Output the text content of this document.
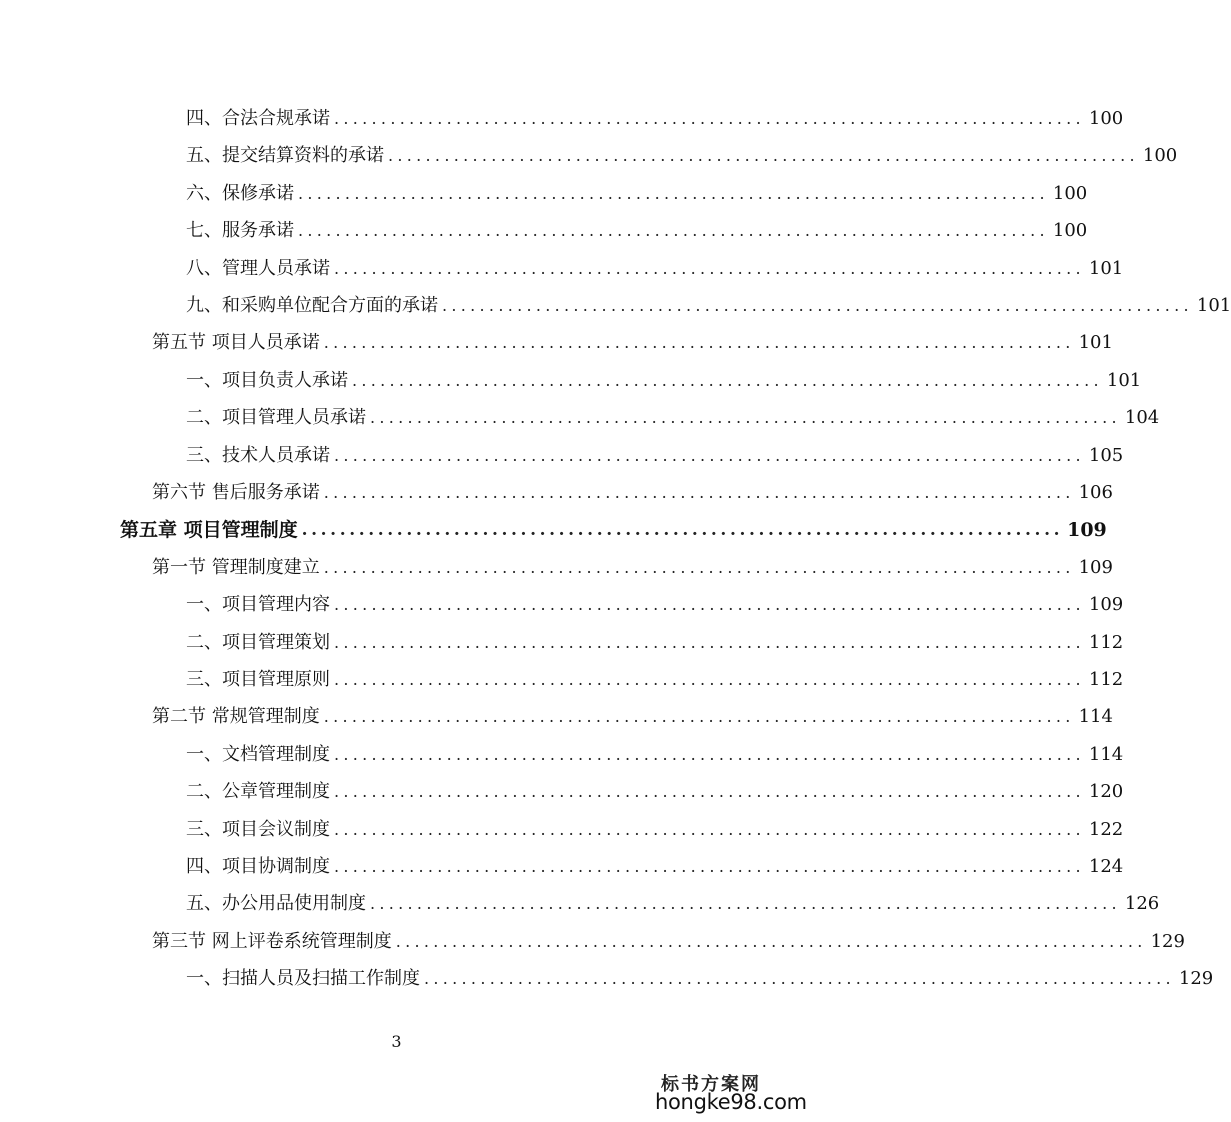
四、合法合规承诺 ................................................................................ 100
五、提交结算资料的承诺 ................................................................................ 100
六、保修承诺 ................................................................................ 100
七、服务承诺 ................................................................................ 100
八、管理人员承诺 ................................................................................ 101
九、和采购单位配合方面的承诺 ................................................................................ 101
第五节 项目人员承诺 ................................................................................ 101
一、项目负责人承诺 ................................................................................ 101
二、项目管理人员承诺 ................................................................................ 104
三、技术人员承诺 ................................................................................ 105
第六节 售后服务承诺 ................................................................................ 106
第五章 项目管理制度 ................................................................................ 109
第一节 管理制度建立 ................................................................................ 109
一、项目管理内容 ................................................................................ 109
二、项目管理策划 ................................................................................ 112
三、项目管理原则 ................................................................................ 112
第二节 常规管理制度 ................................................................................ 114
一、文档管理制度 ................................................................................ 114
二、公章管理制度 ................................................................................ 120
三、项目会议制度 ................................................................................ 122
四、项目协调制度 ................................................................................ 124
五、办公用品使用制度 ................................................................................ 126
第三节 网上评卷系统管理制度 ................................................................................ 129
一、扫描人员及扫描工作制度 ................................................................................ 129
3
标书方案网
hongke98.com
